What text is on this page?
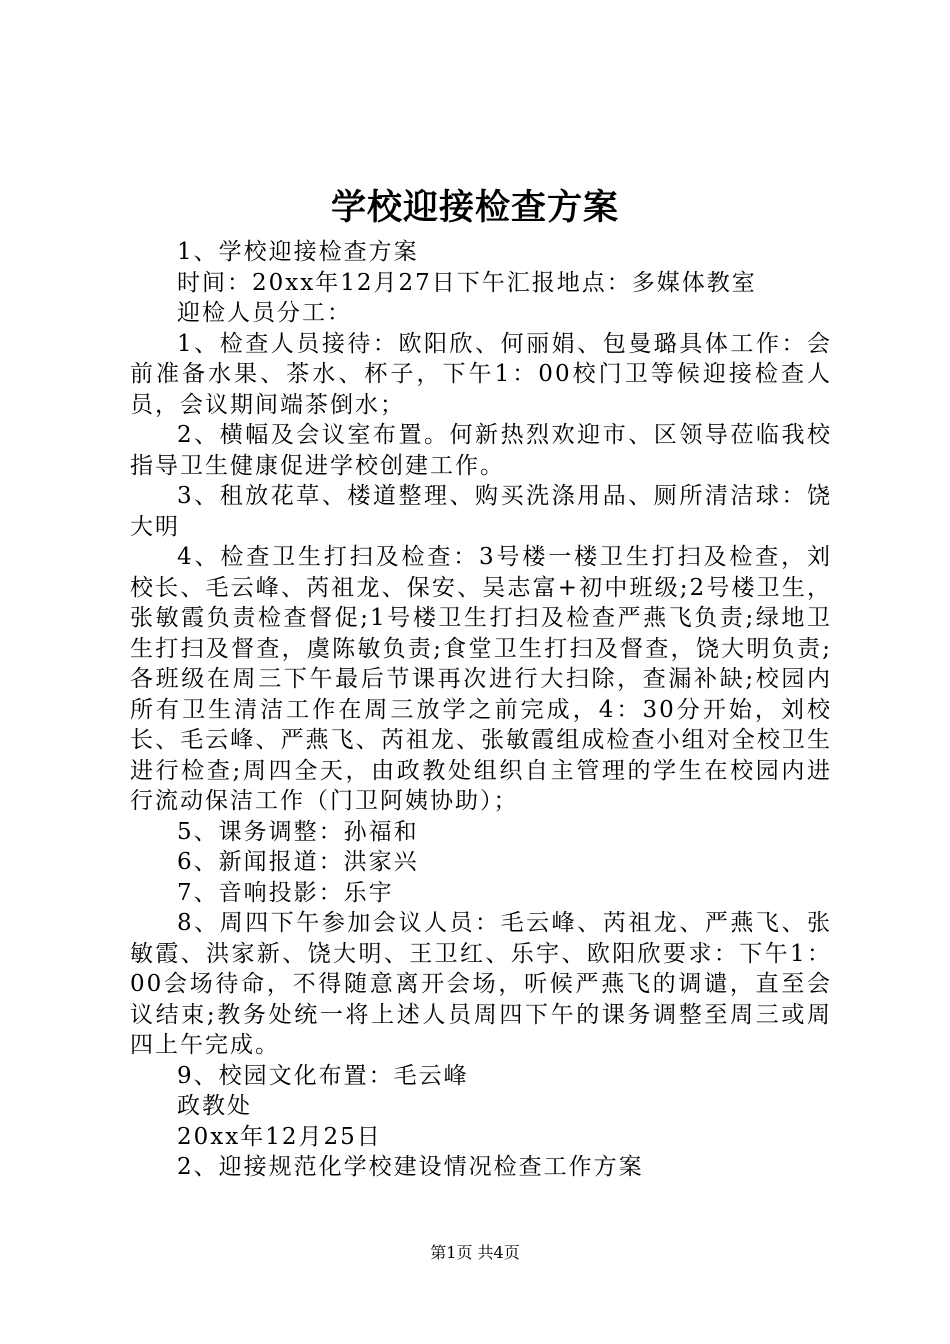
学校迎接检查方案

1、学校迎接检查方案

时间：20xx年12月27日下午汇报地点：多媒体教室

迎检人员分工：

1、检查人员接待：欧阳欣、何丽娟、包曼璐具体工作：会前准备水果、茶水、杯子，下午1：00校门卫等候迎接检查人员，会议期间端茶倒水；

2、横幅及会议室布置。何新热烈欢迎市、区领导莅临我校指导卫生健康促进学校创建工作。

3、租放花草、楼道整理、购买洗涤用品、厕所清洁球：饶大明

4、检查卫生打扫及检查：3号楼一楼卫生打扫及检查，刘校长、毛云峰、芮祖龙、保安、吴志富+初中班级;2号楼卫生，张敏霞负责检查督促;1号楼卫生打扫及检查严燕飞负责;绿地卫生打扫及督查，虞陈敏负责;食堂卫生打扫及督查，饶大明负责;各班级在周三下午最后节课再次进行大扫除，查漏补缺;校园内所有卫生清洁工作在周三放学之前完成，4：30分开始，刘校长、毛云峰、严燕飞、芮祖龙、张敏霞组成检查小组对全校卫生进行检查;周四全天，由政教处组织自主管理的学生在校园内进行流动保洁工作（门卫阿姨协助）；

5、课务调整：孙福和

6、新闻报道：洪家兴

7、音响投影：乐宇

8、周四下午参加会议人员：毛云峰、芮祖龙、严燕飞、张敏霞、洪家新、饶大明、王卫红、乐宇、欧阳欣要求：下午1：00会场待命，不得随意离开会场，听候严燕飞的调谴，直至会议结束;教务处统一将上述人员周四下午的课务调整至周三或周四上午完成。

9、校园文化布置：毛云峰

政教处

20xx年12月25日

2、迎接规范化学校建设情况检查工作方案

第1页 共4页
